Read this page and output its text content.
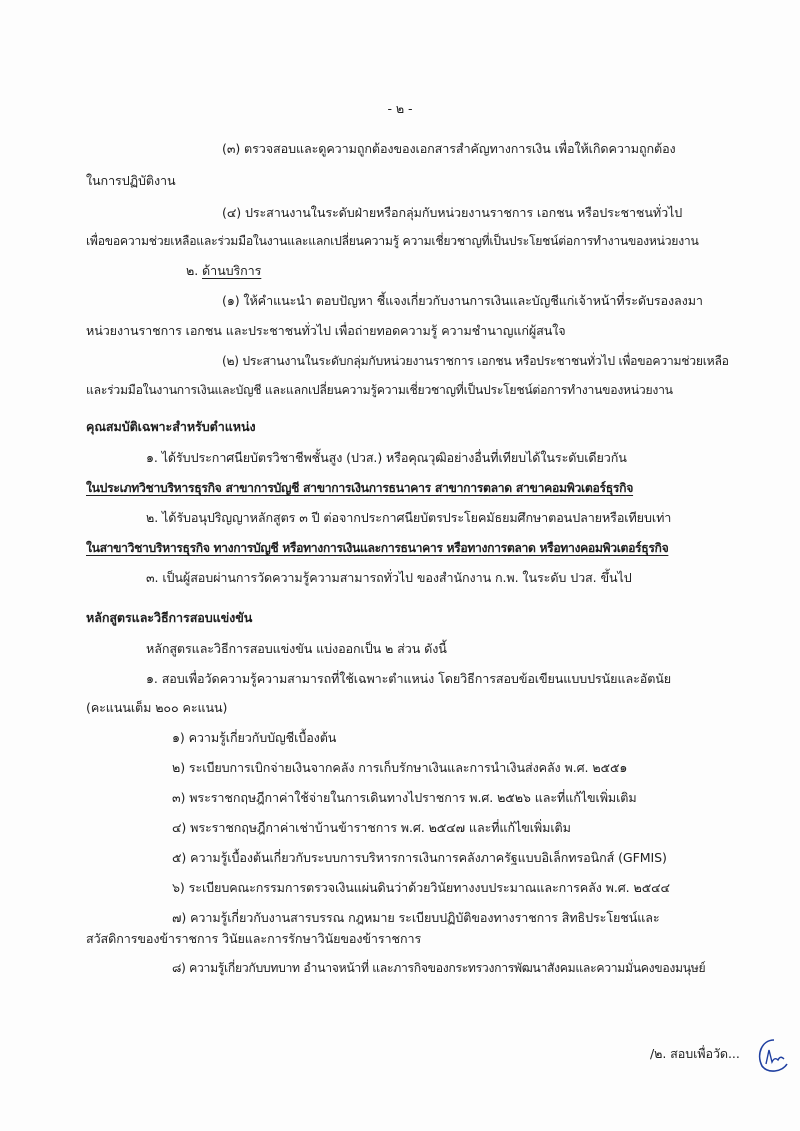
- ๒ -
(๓) ตรวจสอบและดูความถูกต้องของเอกสารสำคัญทางการเงิน เพื่อให้เกิดความถูกต้อง
ในการปฏิบัติงาน
(๔) ประสานงานในระดับฝ่ายหรือกลุ่มกับหน่วยงานราชการ เอกชน หรือประชาชนทั่วไป
เพื่อขอความช่วยเหลือและร่วมมือในงานและแลกเปลี่ยนความรู้ ความเชี่ยวชาญที่เป็นประโยชน์ต่อการทำงานของหน่วยงาน
๒. ด้านบริการ
(๑) ให้คำแนะนำ ตอบปัญหา ชี้แจงเกี่ยวกับงานการเงินและบัญชีแก่เจ้าหน้าที่ระดับรองลงมา
หน่วยงานราชการ เอกชน และประชาชนทั่วไป เพื่อถ่ายทอดความรู้ ความชำนาญแก่ผู้สนใจ
(๒) ประสานงานในระดับกลุ่มกับหน่วยงานราชการ เอกชน หรือประชาชนทั่วไป เพื่อขอความช่วยเหลือ
และร่วมมือในงานการเงินและบัญชี และแลกเปลี่ยนความรู้ความเชี่ยวชาญที่เป็นประโยชน์ต่อการทำงานของหน่วยงาน
คุณสมบัติเฉพาะสำหรับตำแหน่ง
๑. ได้รับประกาศนียบัตรวิชาชีพชั้นสูง (ปวส.) หรือคุณวุฒิอย่างอื่นที่เทียบได้ในระดับเดียวกัน
ในประเภทวิชาบริหารธุรกิจ สาขาการบัญชี สาขาการเงินการธนาคาร สาขาการตลาด สาขาคอมพิวเตอร์ธุรกิจ
๒. ได้รับอนุปริญญาหลักสูตร ๓ ปี ต่อจากประกาศนียบัตรประโยคมัธยมศึกษาตอนปลายหรือเทียบเท่า
ในสาขาวิชาบริหารธุรกิจ ทางการบัญชี หรือทางการเงินและการธนาคาร หรือทางการตลาด หรือทางคอมพิวเตอร์ธุรกิจ
๓. เป็นผู้สอบผ่านการวัดความรู้ความสามารถทั่วไป ของสำนักงาน ก.พ. ในระดับ ปวส. ขึ้นไป
หลักสูตรและวิธีการสอบแข่งขัน
หลักสูตรและวิธีการสอบแข่งขัน แบ่งออกเป็น ๒ ส่วน ดังนี้
๑. สอบเพื่อวัดความรู้ความสามารถที่ใช้เฉพาะตำแหน่ง โดยวิธีการสอบข้อเขียนแบบปรนัยและอัตนัย
(คะแนนเต็ม ๒๐๐ คะแนน)
๑) ความรู้เกี่ยวกับบัญชีเบื้องต้น
๒) ระเบียบการเบิกจ่ายเงินจากคลัง การเก็บรักษาเงินและการนำเงินส่งคลัง พ.ศ. ๒๕๕๑
๓) พระราชกฤษฎีกาค่าใช้จ่ายในการเดินทางไปราชการ พ.ศ. ๒๕๒๖ และที่แก้ไขเพิ่มเติม
๔) พระราชกฤษฎีกาค่าเช่าบ้านข้าราชการ พ.ศ. ๒๕๔๗ และที่แก้ไขเพิ่มเติม
๕) ความรู้เบื้องต้นเกี่ยวกับระบบการบริหารการเงินการคลังภาครัฐแบบอิเล็กทรอนิกส์ (GFMIS)
๖) ระเบียบคณะกรรมการตรวจเงินแผ่นดินว่าด้วยวินัยทางงบประมาณและการคลัง พ.ศ. ๒๕๔๔
๗) ความรู้เกี่ยวกับงานสารบรรณ กฎหมาย ระเบียบปฏิบัติของทางราชการ สิทธิประโยชน์และ
สวัสดิการของข้าราชการ วินัยและการรักษาวินัยของข้าราชการ
๘) ความรู้เกี่ยวกับบทบาท อำนาจหน้าที่ และภารกิจของกระทรวงการพัฒนาสังคมและความมั่นคงของมนุษย์
/๒. สอบเพื่อวัด...
